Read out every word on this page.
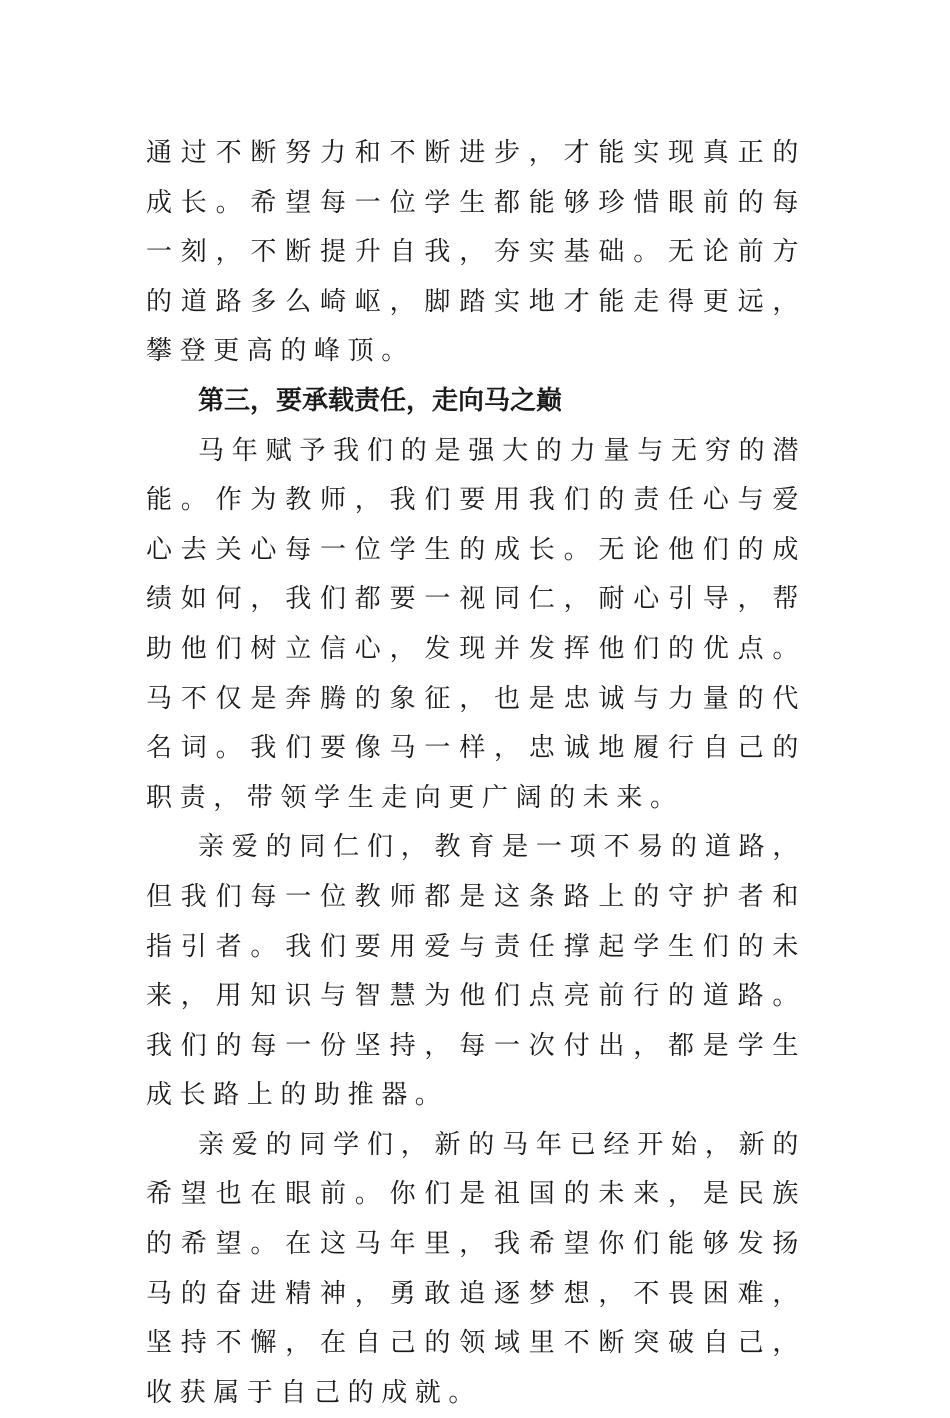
通过不断努力和不断进步，才能实现真正的成长。希望每一位学生都能够珍惜眼前的每一刻，不断提升自我，夯实基础。无论前方的道路多么崎岖，脚踏实地才能走得更远，攀登更高的峰顶。

第三，要承载责任，走向马之巅

马年赋予我们的是强大的力量与无穷的潜能。作为教师，我们要用我们的责任心与爱心去关心每一位学生的成长。无论他们的成绩如何，我们都要一视同仁，耐心引导，帮助他们树立信心，发现并发挥他们的优点。马不仅是奔腾的象征，也是忠诚与力量的代名词。我们要像马一样，忠诚地履行自己的职责，带领学生走向更广阔的未来。

亲爱的同仁们，教育是一项不易的道路，但我们每一位教师都是这条路上的守护者和指引者。我们要用爱与责任撑起学生们的未来，用知识与智慧为他们点亮前行的道路。我们的每一份坚持，每一次付出，都是学生成长路上的助推器。

亲爱的同学们，新的马年已经开始，新的希望也在眼前。你们是祖国的未来，是民族的希望。在这马年里，我希望你们能够发扬马的奋进精神，勇敢追逐梦想，不畏困难，坚持不懈，在自己的领域里不断突破自己，收获属于自己的成就。
